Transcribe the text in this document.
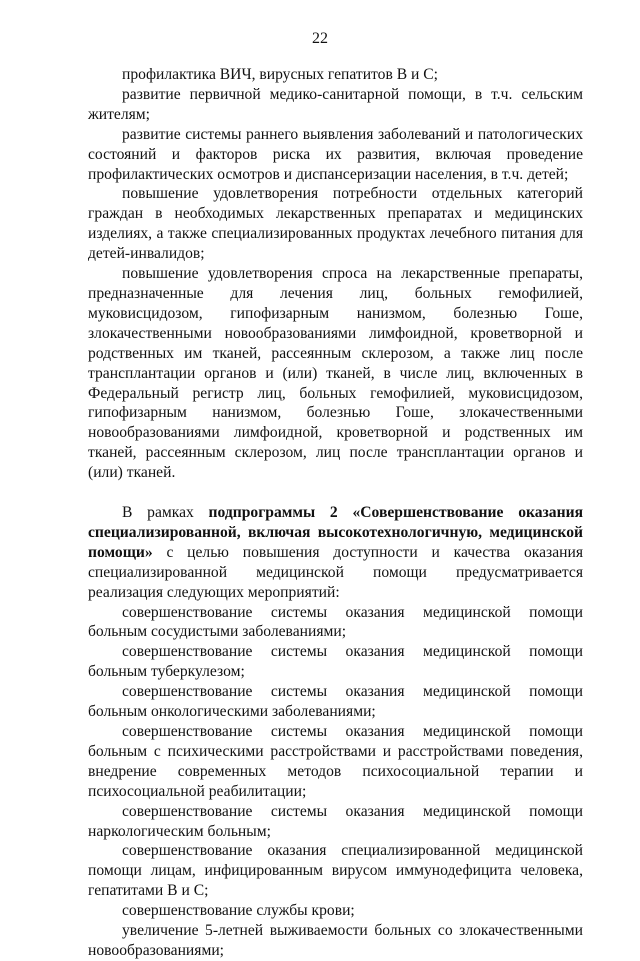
22

профилактика ВИЧ, вирусных гепатитов В и С;

развитие первичной медико-санитарной помощи, в т.ч. сельским жителям;

развитие системы раннего выявления заболеваний и патологических состояний и факторов риска их развития, включая проведение профилактических осмотров и диспансеризации населения, в т.ч. детей;

повышение удовлетворения потребности отдельных категорий граждан в необходимых лекарственных препаратах и медицинских изделиях, а также специализированных продуктах лечебного питания для детей-инвалидов;

повышение удовлетворения спроса на лекарственные препараты, предназначенные для лечения лиц, больных гемофилией, муковисцидозом, гипофизарным нанизмом, болезнью Гоше, злокачественными новообразованиями лимфоидной, кроветворной и родственных им тканей, рассеянным склерозом, а также лиц после трансплантации органов и (или) тканей, в числе лиц, включенных в Федеральный регистр лиц, больных гемофилией, муковисцидозом, гипофизарным нанизмом, болезнью Гоше, злокачественными новообразованиями лимфоидной, кроветворной и родственных им тканей, рассеянным склерозом, лиц после трансплантации органов и (или) тканей.

В рамках подпрограммы 2 «Совершенствование оказания специализированной, включая высокотехнологичную, медицинской помощи» с целью повышения доступности и качества оказания специализированной медицинской помощи предусматривается реализация следующих мероприятий:

совершенствование системы оказания медицинской помощи больным сосудистыми заболеваниями;

совершенствование системы оказания медицинской помощи больным туберкулезом;

совершенствование системы оказания медицинской помощи больным онкологическими заболеваниями;

совершенствование системы оказания медицинской помощи больным с психическими расстройствами и расстройствами поведения, внедрение современных методов психосоциальной терапии и психосоциальной реабилитации;

совершенствование системы оказания медицинской помощи наркологическим больным;

совершенствование оказания специализированной медицинской помощи лицам, инфицированным вирусом иммунодефицита человека, гепатитами В и С;

совершенствование службы крови;

увеличение 5-летней выживаемости больных со злокачественными новообразованиями;
